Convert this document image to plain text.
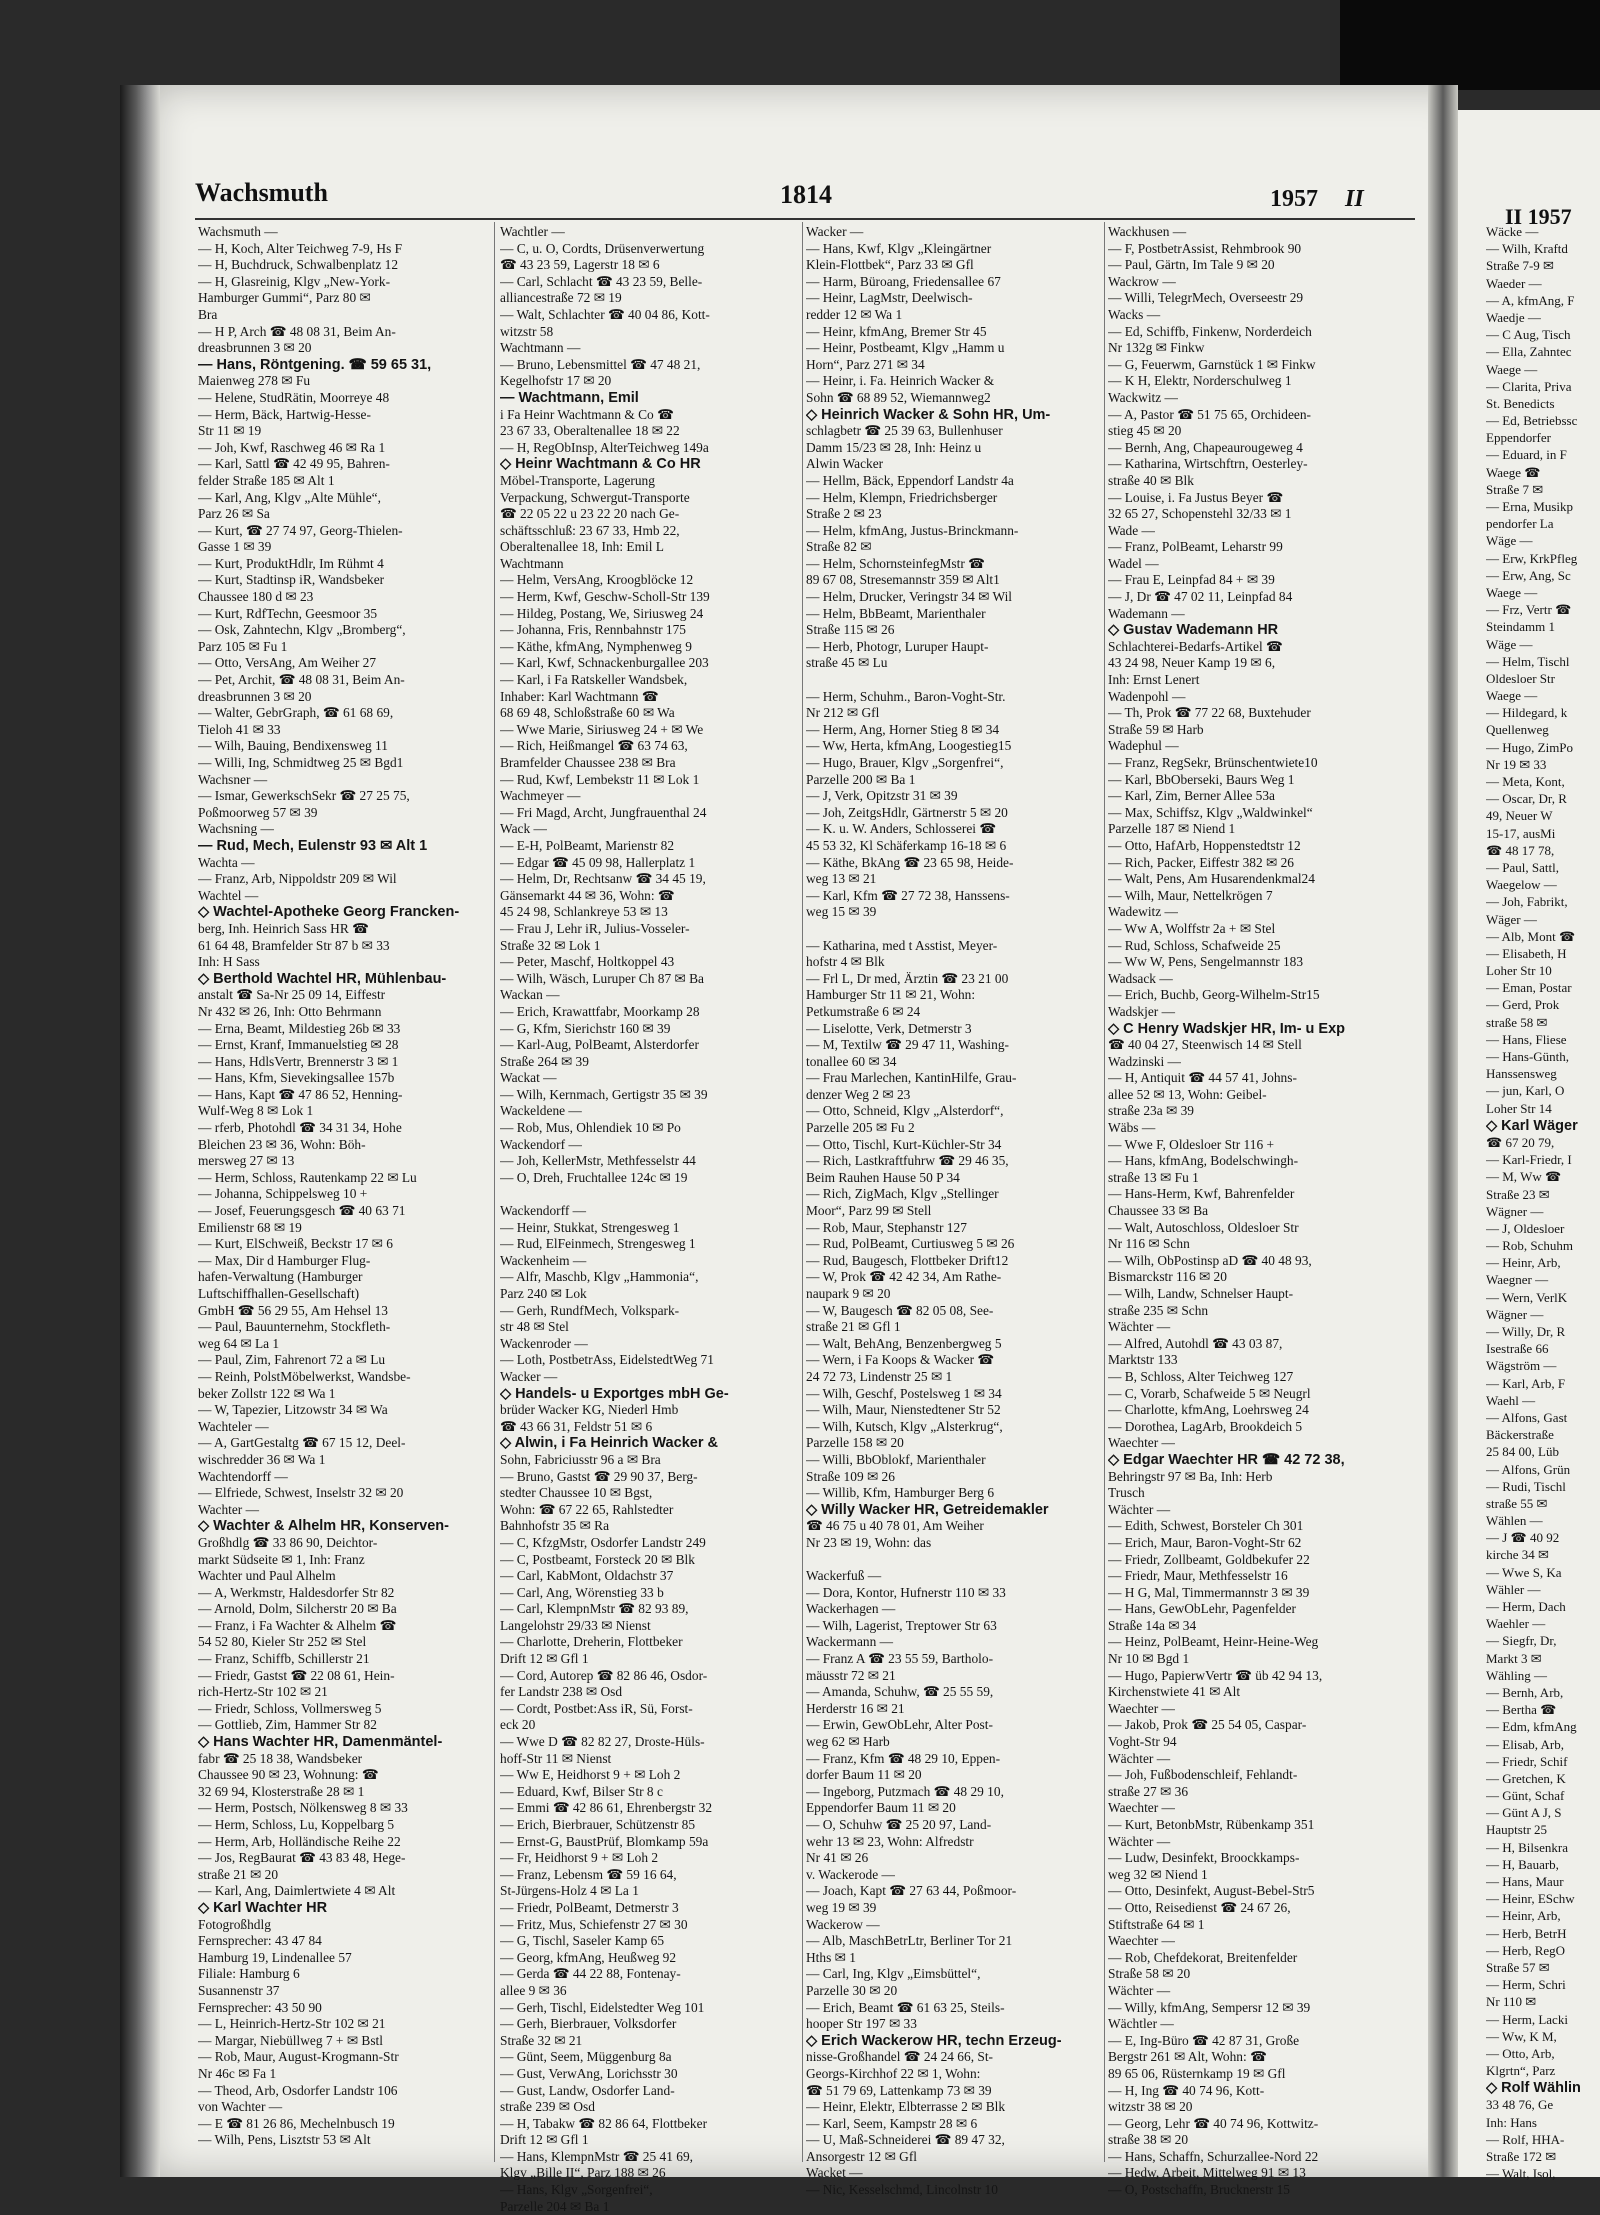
Wachsmuth	1814	1957 II
II 1957
Wachsmuth —
— H, Koch, Alter Teichweg 7-9, Hs F
— H, Buchdruck, Schwalbenplatz 12
— H, Glasreinig, Klgv „New-York-
Hamburger Gummi“, Parz 80 ✉
Bra
— H P, Arch ☎ 48 08 31, Beim An-
dreasbrunnen 3 ✉ 20
— Hans, Röntgening. ☎ 59 65 31,
Maienweg 278 ✉ Fu
— Helene, StudRätin, Moorreye 48
— Herm, Bäck, Hartwig-Hesse-
Str 11 ✉ 19
— Joh, Kwf, Raschweg 46 ✉ Ra 1
— Karl, Sattl ☎ 42 49 95, Bahren-
felder Straße 185 ✉ Alt 1
— Karl, Ang, Klgv „Alte Mühle“,
Parz 26 ✉ Sa
— Kurt, ☎ 27 74 97, Georg-Thielen-
Gasse 1 ✉ 39
— Kurt, ProduktHdlr, Im Rühmt 4
— Kurt, Stadtinsp iR, Wandsbeker
Chaussee 180 d ✉ 23
— Kurt, RdfTechn, Geesmoor 35
— Osk, Zahntechn, Klgv „Bromberg“,
Parz 105 ✉ Fu 1
— Otto, VersAng, Am Weiher 27
— Pet, Archit, ☎ 48 08 31, Beim An-
dreasbrunnen 3 ✉ 20
— Walter, GebrGraph, ☎ 61 68 69,
Tieloh 41 ✉ 33
— Wilh, Bauing, Bendixensweg 11
— Willi, Ing, Schmidtweg 25 ✉ Bgd1
Wachsner —
— Ismar, GewerkschSekr ☎ 27 25 75,
Poßmoorweg 57 ✉ 39
Wachsning —
— Rud, Mech, Eulenstr 93 ✉ Alt 1
Wachta —
— Franz, Arb, Nippoldstr 209 ✉ Wil
Wachtel —
◇ Wachtel-Apotheke Georg Francken-
berg, Inh. Heinrich Sass HR ☎
61 64 48, Bramfelder Str 87 b ✉ 33
Inh: H Sass
◇ Berthold Wachtel HR, Mühlenbau-
anstalt ☎ Sa-Nr 25 09 14, Eiffestr
Nr 432 ✉ 26, Inh: Otto Behrmann
— Erna, Beamt, Mildestieg 26b ✉ 33
— Ernst, Kranf, Immanuelstieg ✉ 28
— Hans, HdlsVertr, Brennerstr 3 ✉ 1
— Hans, Kfm, Sievekingsallee 157b
— Hans, Kapt ☎ 47 86 52, Henning-
Wulf-Weg 8 ✉ Lok 1
— rferb, Photohdl ☎ 34 31 34, Hohe
Bleichen 23 ✉ 36, Wohn: Böh-
mersweg 27 ✉ 13
— Herm, Schloss, Rautenkamp 22 ✉ Lu
— Johanna, Schippelsweg 10 +
— Josef, Feuerungsgesch ☎ 40 63 71
Emilienstr 68 ✉ 19
— Kurt, ElSchweiß, Beckstr 17 ✉ 6
— Max, Dir d Hamburger Flug-
hafen-Verwaltung (Hamburger
Luftschiffhallen-Gesellschaft)
GmbH ☎ 56 29 55, Am Hehsel 13
— Paul, Bauunternehm, Stockfleth-
weg 64 ✉ La 1
— Paul, Zim, Fahrenort 72 a ✉ Lu
— Reinh, PolstMöbelwerkst, Wandsbe-
beker Zollstr 122 ✉ Wa 1
— W, Tapezier, Litzowstr 34 ✉ Wa
Wachteler —
— A, GartGestaltg ☎ 67 15 12, Deel-
wischredder 36 ✉ Wa 1
Wachtendorff —
— Elfriede, Schwest, Inselstr 32 ✉ 20
Wachter —
◇ Wachter & Alhelm HR, Konserven-
Großhdlg ☎ 33 86 90, Deichtor-
markt Südseite ✉ 1, Inh: Franz
Wachter und Paul Alhelm
— A, Werkmstr, Haldesdorfer Str 82
— Arnold, Dolm, Silcherstr 20 ✉ Ba
— Franz, i Fa Wachter & Alhelm ☎
54 52 80, Kieler Str 252 ✉ Stel
— Franz, Schiffb, Schillerstr 21
— Friedr, Gastst ☎ 22 08 61, Hein-
rich-Hertz-Str 102 ✉ 21
— Friedr, Schloss, Vollmersweg 5
— Gottlieb, Zim, Hammer Str 82
◇ Hans Wachter HR, Damenmäntel-
fabr ☎ 25 18 38, Wandsbeker
Chaussee 90 ✉ 23, Wohnung: ☎
32 69 94, Klosterstraße 28 ✉ 1
— Herm, Postsch, Nölkensweg 8 ✉ 33
— Herm, Schloss, Lu, Koppelbarg 5
— Herm, Arb, Holländische Reihe 22
— Jos, RegBaurat ☎ 43 83 48, Hege-
straße 21 ✉ 20
— Karl, Ang, Daimlertwiete 4 ✉ Alt
◇ Karl Wachter HR
Fotogroßhdlg
Fernsprecher: 43 47 84
Hamburg 19, Lindenallee 57
Filiale: Hamburg 6
Susannenstr 37
Fernsprecher: 43 50 90
— L, Heinrich-Hertz-Str 102 ✉ 21
— Margar, Niebüllweg 7 + ✉ Bstl
— Rob, Maur, August-Krogmann-Str
Nr 46c ✉ Fa 1
— Theod, Arb, Osdorfer Landstr 106
von Wachter —
— E ☎ 81 26 86, Mechelnbusch 19
— Wilh, Pens, Lisztstr 53 ✉ Alt
Wachtler —
— C, u. O, Cordts, Drüsenverwertung
☎ 43 23 59, Lagerstr 18 ✉ 6
— Carl, Schlacht ☎ 43 23 59, Belle-
alliancestraße 72 ✉ 19
— Walt, Schlachter ☎ 40 04 86, Kott-
witzstr 58
Wachtmann —
— Bruno, Lebensmittel ☎ 47 48 21,
Kegelhofstr 17 ✉ 20
— Wachtmann, Emil
i Fa Heinr Wachtmann & Co ☎
23 67 33, Oberaltenallee 18 ✉ 22
— H, RegObInsp, AlterTeichweg 149a
◇ Heinr Wachtmann & Co HR
Möbel-Transporte, Lagerung
Verpackung, Schwergut-Transporte
☎ 22 05 22 u 23 22 20 nach Ge-
schäftsschluß: 23 67 33, Hmb 22,
Oberaltenallee 18, Inh: Emil L
Wachtmann
— Helm, VersAng, Kroogblöcke 12
— Herm, Kwf, Geschw-Scholl-Str 139
— Hildeg, Postang, We, Siriusweg 24
— Johanna, Fris, Rennbahnstr 175
— Käthe, kfmAng, Nymphenweg 9
— Karl, Kwf, Schnackenburgallee 203
— Karl, i Fa Ratskeller Wandsbek,
Inhaber: Karl Wachtmann ☎
68 69 48, Schloßstraße 60 ✉ Wa
— Wwe Marie, Siriusweg 24 + ✉ We
— Rich, Heißmangel ☎ 63 74 63,
Bramfelder Chaussee 238 ✉ Bra
— Rud, Kwf, Lembekstr 11 ✉ Lok 1
Wachmeyer —
— Fri Magd, Archt, Jungfrauenthal 24
Wack —
— E-H, PolBeamt, Marienstr 82
— Edgar ☎ 45 09 98, Hallerplatz 1
— Helm, Dr, Rechtsanw ☎ 34 45 19,
Gänsemarkt 44 ✉ 36, Wohn: ☎
45 24 98, Schlankreye 53 ✉ 13
— Frau J, Lehr iR, Julius-Vosseler-
Straße 32 ✉ Lok 1
— Peter, Maschf, Holtkoppel 43
— Wilh, Wäsch, Luruper Ch 87 ✉ Ba
Wackan —
— Erich, Krawattfabr, Moorkamp 28
— G, Kfm, Sierichstr 160 ✉ 39
— Karl-Aug, PolBeamt, Alsterdorfer
Straße 264 ✉ 39
Wackat —
— Wilh, Kernmach, Gertigstr 35 ✉ 39
Wackeldene —
— Rob, Mus, Ohlendiek 10 ✉ Po
Wackendorf —
— Joh, KellerMstr, Methfesselstr 44
— O, Dreh, Fruchtallee 124c ✉ 19
Wackendorff —
— Heinr, Stukkat, Strengesweg 1
— Rud, ElFeinmech, Strengesweg 1
Wackenheim —
— Alfr, Maschb, Klgv „Hammonia“,
Parz 240 ✉ Lok
— Gerh, RundfMech, Volkspark-
str 48 ✉ Stel
Wackenroder —
— Loth, PostbetrAss, EidelstedtWeg 71
Wacker —
◇ Handels- u Exportges mbH Ge-
brüder Wacker KG, Niederl Hmb
☎ 43 66 31, Feldstr 51 ✉ 6
◇ Alwin, i Fa Heinrich Wacker &
Sohn, Fabriciusstr 96 a ✉ Bra
— Bruno, Gastst ☎ 29 90 37, Berg-
stedter Chaussee 10 ✉ Bgst,
Wohn: ☎ 67 22 65, Rahlstedter
Bahnhofstr 35 ✉ Ra
— C, KfzgMstr, Osdorfer Landstr 249
— C, Postbeamt, Forsteck 20 ✉ Blk
— Carl, KabMont, Oldachstr 37
— Carl, Ang, Wörenstieg 33 b
— Carl, KlempnMstr ☎ 82 93 89,
Langelohstr 29/33 ✉ Nienst
— Charlotte, Dreherin, Flottbeker
Drift 12 ✉ Gfl 1
— Cord, Autorep ☎ 82 86 46, Osdor-
fer Landstr 238 ✉ Osd
— Cordt, Postbet:Ass iR, Sü, Forst-
eck 20
— Wwe D ☎ 82 82 27, Droste-Hüls-
hoff-Str 11 ✉ Nienst
— Ww E, Heidhorst 9 + ✉ Loh 2
— Eduard, Kwf, Bilser Str 8 c
— Emmi ☎ 42 86 61, Ehrenbergstr 32
— Erich, Bierbrauer, Schützenstr 85
— Ernst-G, BaustPrüf, Blomkamp 59a
— Fr, Heidhorst 9 + ✉ Loh 2
— Franz, Lebensm ☎ 59 16 64,
St-Jürgens-Holz 4 ✉ La 1
— Friedr, PolBeamt, Detmerstr 3
— Fritz, Mus, Schiefenstr 27 ✉ 30
— G, Tischl, Saseler Kamp 65
— Georg, kfmAng, Heußweg 92
— Gerda ☎ 44 22 88, Fontenay-
allee 9 ✉ 36
— Gerh, Tischl, Eidelstedter Weg 101
— Gerh, Bierbrauer, Volksdorfer
Straße 32 ✉ 21
— Günt, Seem, Müggenburg 8a
— Gust, VerwAng, Lorichsstr 30
— Gust, Landw, Osdorfer Land-
straße 239 ✉ Osd
— H, Tabakw ☎ 82 86 64, Flottbeker
Drift 12 ✉ Gfl 1
— Hans, KlempnMstr ☎ 25 41 69,
Klgv „Bille II“, Parz 188 ✉ 26
— Hans, Klgv „Sorgenfrei“,
Parzelle 204 ✉ Ba 1
Wacker —
— Hans, Kwf, Klgv „Kleingärtner
Klein-Flottbek“, Parz 33 ✉ Gfl
— Harm, Büroang, Friedensallee 67
— Heinr, LagMstr, Deelwisch-
redder 12 ✉ Wa 1
— Heinr, kfmAng, Bremer Str 45
— Heinr, Postbeamt, Klgv „Hamm u
Horn“, Parz 271 ✉ 34
— Heinr, i. Fa. Heinrich Wacker &
Sohn ☎ 68 89 52, Wiemannweg2
◇ Heinrich Wacker & Sohn HR, Um-
schlagbetr ☎ 25 39 63, Bullenhuser
Damm 15/23 ✉ 28, Inh: Heinz u
Alwin Wacker
— Hellm, Bäck, Eppendorf Landstr 4a
— Helm, Klempn, Friedrichsberger
Straße 2 ✉ 23
— Helm, kfmAng, Justus-Brinckmann-
Straße 82 ✉
— Helm, SchornsteinfegMstr ☎
89 67 08, Stresemannstr 359 ✉ Alt1
— Helm, Drucker, Veringstr 34 ✉ Wil
— Helm, BbBeamt, Marienthaler
Straße 115 ✉ 26
— Herb, Photogr, Luruper Haupt-
straße 45 ✉ Lu
— Herm, Schuhm., Baron-Voght-Str.
Nr 212 ✉ Gfl
— Herm, Ang, Horner Stieg 8 ✉ 34
— Ww, Herta, kfmAng, Loogestieg15
— Hugo, Brauer, Klgv „Sorgenfrei“,
Parzelle 200 ✉ Ba 1
— J, Verk, Opitzstr 31 ✉ 39
— Joh, ZeitgsHdlr, Gärtnerstr 5 ✉ 20
— K. u. W. Anders, Schlosserei ☎
45 53 32, Kl Schäferkamp 16-18 ✉ 6
— Käthe, BkAng ☎ 23 65 98, Heide-
weg 13 ✉ 21
— Karl, Kfm ☎ 27 72 38, Hanssens-
weg 15 ✉ 39
— Katharina, med t Asstist, Meyer-
hofstr 4 ✉ Blk
— Frl L, Dr med, Ärztin ☎ 23 21 00
Hamburger Str 11 ✉ 21, Wohn:
Petkumstraße 6 ✉ 24
— Liselotte, Verk, Detmerstr 3
— M, Textilw ☎ 29 47 11, Washing-
tonallee 60 ✉ 34
— Frau Marlechen, KantinHilfe, Grau-
denzer Weg 2 ✉ 23
— Otto, Schneid, Klgv „Alsterdorf“,
Parzelle 205 ✉ Fu 2
— Otto, Tischl, Kurt-Küchler-Str 34
— Rich, Lastkraftfuhrw ☎ 29 46 35,
Beim Rauhen Hause 50 P 34
— Rich, ZigMach, Klgv „Stellinger
Moor“, Parz 99 ✉ Stell
— Rob, Maur, Stephanstr 127
— Rud, PolBeamt, Curtiusweg 5 ✉ 26
— Rud, Baugesch, Flottbeker Drift12
— W, Prok ☎ 42 42 34, Am Rathe-
naupark 9 ✉ 20
— W, Baugesch ☎ 82 05 08, See-
straße 21 ✉ Gfl 1
— Walt, BehAng, Benzenbergweg 5
— Wern, i Fa Koops & Wacker ☎
24 72 73, Lindenstr 25 ✉ 1
— Wilh, Geschf, Postelsweg 1 ✉ 34
— Wilh, Maur, Nienstedtener Str 52
— Wilh, Kutsch, Klgv „Alsterkrug“,
Parzelle 158 ✉ 20
— Willi, BbOblokf, Marienthaler
Straße 109 ✉ 26
— Willib, Kfm, Hamburger Berg 6
◇ Willy Wacker HR, Getreidemakler
☎ 46 75 u 40 78 01, Am Weiher
Nr 23 ✉ 19, Wohn: das
Wackerfuß —
— Dora, Kontor, Hufnerstr 110 ✉ 33
Wackerhagen —
— Wilh, Lagerist, Treptower Str 63
Wackermann —
— Franz A ☎ 23 55 59, Bartholo-
mäusstr 72 ✉ 21
— Amanda, Schuhw, ☎ 25 55 59,
Herderstr 16 ✉ 21
— Erwin, GewObLehr, Alter Post-
weg 62 ✉ Harb
— Franz, Kfm ☎ 48 29 10, Eppen-
dorfer Baum 11 ✉ 20
— Ingeborg, Putzmach ☎ 48 29 10,
Eppendorfer Baum 11 ✉ 20
— O, Schuhw ☎ 25 20 97, Land-
wehr 13 ✉ 23, Wohn: Alfredstr
Nr 41 ✉ 26
v. Wackerode —
— Joach, Kapt ☎ 27 63 44, Poßmoor-
weg 19 ✉ 39
Wackerow —
— Alb, MaschBetrLtr, Berliner Tor 21
Hths ✉ 1
— Carl, Ing, Klgv „Eimsbüttel“,
Parzelle 30 ✉ 20
— Erich, Beamt ☎ 61 63 25, Steils-
hooper Str 197 ✉ 33
◇ Erich Wackerow HR, techn Erzeug-
nisse-Großhandel ☎ 24 24 66, St-
Georgs-Kirchhof 22 ✉ 1, Wohn:
☎ 51 79 69, Lattenkamp 73 ✉ 39
— Heinr, Elektr, Elbterrasse 2 ✉ Blk
— Karl, Seem, Kampstr 28 ✉ 6
— U, Maß-Schneiderei ☎ 89 47 32,
Ansorgestr 12 ✉ Gfl
Wacket —
— Nic, Kesselschmd, Lincolnstr 10
Wackhusen —
— F, PostbetrAssist, Rehmbrook 90
— Paul, Gärtn, Im Tale 9 ✉ 20
Wackrow —
— Willi, TelegrMech, Overseestr 29
Wacks —
— Ed, Schiffb, Finkenw, Norderdeich
Nr 132g ✉ Finkw
— G, Feuerwm, Garnstück 1 ✉ Finkw
— K H, Elektr, Norderschulweg 1
Wackwitz —
— A, Pastor ☎ 51 75 65, Orchideen-
stieg 45 ✉ 20
— Bernh, Ang, Chapeaurougeweg 4
— Katharina, Wirtschftrn, Oesterley-
straße 40 ✉ Blk
— Louise, i. Fa Justus Beyer ☎
32 65 27, Schopenstehl 32/33 ✉ 1
Wade —
— Franz, PolBeamt, Leharstr 99
Wadel —
— Frau E, Leinpfad 84 + ✉ 39
— J, Dr ☎ 47 02 11, Leinpfad 84
Wademann —
◇ Gustav Wademann HR
Schlachterei-Bedarfs-Artikel ☎
43 24 98, Neuer Kamp 19 ✉ 6,
Inh: Ernst Lenert
Wadenpohl —
— Th, Prok ☎ 77 22 68, Buxtehuder
Straße 59 ✉ Harb
Wadephul —
— Franz, RegSekr, Brünschentwiete10
— Karl, BbOberseki, Baurs Weg 1
— Karl, Zim, Berner Allee 53a
— Max, Schiffsz, Klgv „Waldwinkel“
Parzelle 187 ✉ Niend 1
— Otto, HafArb, Hoppenstedtstr 12
— Rich, Packer, Eiffestr 382 ✉ 26
— Walt, Pens, Am Husarendenkmal24
— Wilh, Maur, Nettelkrögen 7
Wadewitz —
— Ww A, Wolffstr 2a + ✉ Stel
— Rud, Schloss, Schafweide 25
— Ww W, Pens, Sengelmannstr 183
Wadsack —
— Erich, Buchb, Georg-Wilhelm-Str15
Wadskjer —
◇ C Henry Wadskjer HR, Im- u Exp
☎ 40 04 27, Steenwisch 14 ✉ Stell
Wadzinski —
— H, Antiquit ☎ 44 57 41, Johns-
allee 52 ✉ 13, Wohn: Geibel-
straße 23a ✉ 39
Wäbs —
— Wwe F, Oldesloer Str 116 +
— Hans, kfmAng, Bodelschwingh-
straße 13 ✉ Fu 1
— Hans-Herm, Kwf, Bahrenfelder
Chaussee 33 ✉ Ba
— Walt, Autoschloss, Oldesloer Str
Nr 116 ✉ Schn
— Wilh, ObPostinsp aD ☎ 40 48 93,
Bismarckstr 116 ✉ 20
— Wilh, Landw, Schnelser Haupt-
straße 235 ✉ Schn
Wächter —
— Alfred, Autohdl ☎ 43 03 87,
Marktstr 133
— B, Schloss, Alter Teichweg 127
— C, Vorarb, Schafweide 5 ✉ Neugrl
— Charlotte, kfmAng, Loehrsweg 24
— Dorothea, LagArb, Brookdeich 5
Waechter —
◇ Edgar Waechter HR ☎ 42 72 38,
Behringstr 97 ✉ Ba, Inh: Herb
Trusch
Wächter —
— Edith, Schwest, Borsteler Ch 301
— Erich, Maur, Baron-Voght-Str 62
— Friedr, Zollbeamt, Goldbekufer 22
— Friedr, Maur, Methfesselstr 16
— H G, Mal, Timmermannstr 3 ✉ 39
— Hans, GewObLehr, Pagenfelder
Straße 14a ✉ 34
— Heinz, PolBeamt, Heinr-Heine-Weg
Nr 10 ✉ Bgd 1
— Hugo, PapierwVertr ☎ üb 42 94 13,
Kirchenstwiete 41 ✉ Alt
Waechter —
— Jakob, Prok ☎ 25 54 05, Caspar-
Voght-Str 94
Wächter —
— Joh, Fußbodenschleif, Fehlandt-
straße 27 ✉ 36
Waechter —
— Kurt, BetonbMstr, Rübenkamp 351
Wächter —
— Ludw, Desinfekt, Broockkamps-
weg 32 ✉ Niend 1
— Otto, Desinfekt, August-Bebel-Str5
— Otto, Reisedienst ☎ 24 67 26,
Stiftstraße 64 ✉ 1
Waechter —
— Rob, Chefdekorat, Breitenfelder
Straße 58 ✉ 20
Wächter —
— Willy, kfmAng, Sempersr 12 ✉ 39
Wächtler —
— E, Ing-Büro ☎ 42 87 31, Große
Bergstr 261 ✉ Alt, Wohn: ☎
89 65 06, Rüsternkamp 19 ✉ Gfl
— H, Ing ☎ 40 74 96, Kott-
witzstr 38 ✉ 20
— Georg, Lehr ☎ 40 74 96, Kottwitz-
straße 38 ✉ 20
— Hans, Schaffn, Schurzallee-Nord 22
— Hedw, Arbeit, Mittelweg 91 ✉ 13
— O, Postschaffn, Brucknerstr 15
Wäcke —
— Wilh, Kraftd
Straße 7-9 ✉
Waeder —
— A, kfmAng, F
Waedje —
— C Aug, Tisch
— Ella, Zahntec
Waege —
— Clarita, Priva
St. Benedicts
— Ed, Betriebssc
Eppendorfer
— Eduard, in F
Waege ☎
Straße 7 ✉
— Erna, Musikp
pendorfer La
Wäge —
— Erw, KrkPfleg
— Erw, Ang, Sc
Waege —
— Frz, Vertr ☎
Steindamm 1
Wäge —
— Helm, Tischl
Oldesloer Str
Waege —
— Hildegard, k
Quellenweg
— Hugo, ZimPo
Nr 19 ✉ 33
— Meta, Kont,
— Oscar, Dr, R
49, Neuer W
15-17, ausMi
☎ 48 17 78,
— Paul, Sattl,
Waegelow —
— Joh, Fabrikt,
Wäger —
— Alb, Mont ☎
— Elisabeth, H
Loher Str 10
— Eman, Postar
— Gerd, Prok
straße 58 ✉
— Hans, Fliese
— Hans-Günth,
Hanssensweg
— jun, Karl, O
Loher Str 14
◇ Karl Wäger
☎ 67 20 79,
— Karl-Friedr, I
— M, Ww ☎
Straße 23 ✉
Wägner —
— J, Oldesloer
— Rob, Schuhm
— Heinr, Arb,
Waegner —
— Wern, VerlK
Wägner —
— Willy, Dr, R
Isestraße 66
Wägström —
— Karl, Arb, F
Waehl —
— Alfons, Gast
Bäckerstraße
25 84 00, Lüb
— Alfons, Grün
— Rudi, Tischl
straße 55 ✉
Wählen —
— J ☎ 40 92
kirche 34 ✉
— Wwe S, Ka
Wähler —
— Herm, Dach
Waehler —
— Siegfr, Dr,
Markt 3 ✉
Wähling —
— Bernh, Arb,
— Bertha ☎
— Edm, kfmAng
— Elisab, Arb,
— Friedr, Schif
— Gretchen, K
— Günt, Schaf
— Günt A J, S
Hauptstr 25
— H, Bilsenkra
— H, Bauarb,
— Hans, Maur
— Heinr, ESchw
— Heinr, Arb,
— Herb, BetrH
— Herb, RegO
Straße 57 ✉
— Herm, Schri
Nr 110 ✉
— Herm, Lacki
— Ww, K M,
— Otto, Arb,
Klgrtn“, Parz
◇ Rolf Wählin
33 48 76, Ge
Inh: Hans
— Rolf, HHA-
Straße 172 ✉
— Walt, Isol,
